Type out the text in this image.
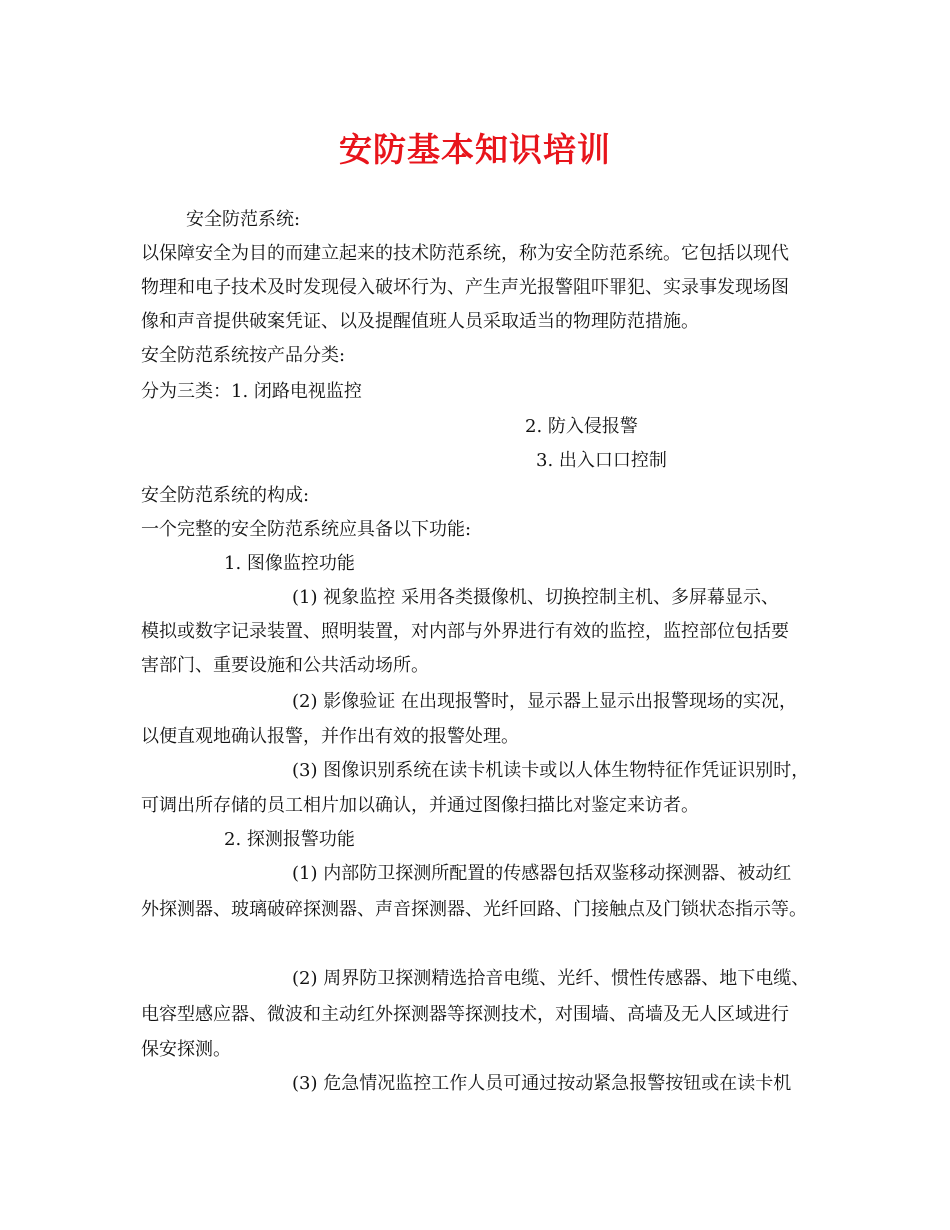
安防基本知识培训
安全防范系统:
以保障安全为目的而建立起来的技术防范系统，称为安全防范系统。它包括以现代
物理和电子技术及时发现侵入破坏行为、产生声光报警阻吓罪犯、实录事发现场图
像和声音提供破案凭证、以及提醒值班人员采取适当的物理防范措施。
安全防范系统按产品分类:
分为三类：1. 闭路电视监控
2. 防入侵报警
3. 出入口口控制
安全防范系统的构成:
一个完整的安全防范系统应具备以下功能:
1. 图像监控功能
(1) 视象监控 采用各类摄像机、切换控制主机、多屏幕显示、
模拟或数字记录装置、照明装置，对内部与外界进行有效的监控，监控部位包括要
害部门、重要设施和公共活动场所。
(2) 影像验证 在出现报警时，显示器上显示出报警现场的实况，
以便直观地确认报警，并作出有效的报警处理。
(3) 图像识别系统在读卡机读卡或以人体生物特征作凭证识别时，
可调出所存储的员工相片加以确认，并通过图像扫描比对鉴定来访者。
2. 探测报警功能
(1) 内部防卫探测所配置的传感器包括双鉴移动探测器、被动红
外探测器、玻璃破碎探测器、声音探测器、光纤回路、门接触点及门锁状态指示等。
(2) 周界防卫探测精选拾音电缆、光纤、惯性传感器、地下电缆、
电容型感应器、微波和主动红外探测器等探测技术，对围墙、高墙及无人区域进行
保安探测。
(3) 危急情况监控工作人员可通过按动紧急报警按钮或在读卡机
